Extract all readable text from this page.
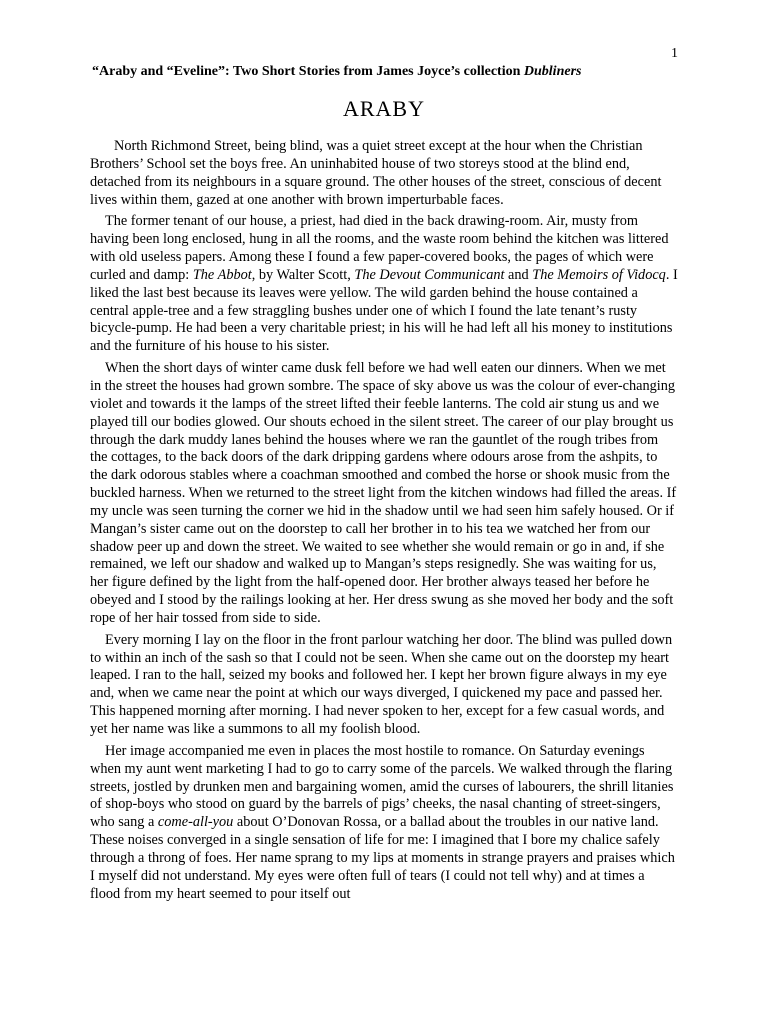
1
“Araby and “Eveline”: Two Short Stories from James Joyce’s collection Dubliners
ARABY

North Richmond Street, being blind, was a quiet street except at the hour when the Christian Brothers’ School set the boys free. An uninhabited house of two storeys stood at the blind end, detached from its neighbours in a square ground. The other houses of the street, conscious of decent lives within them, gazed at one another with brown imperturbable faces.

The former tenant of our house, a priest, had died in the back drawing-room. Air, musty from having been long enclosed, hung in all the rooms, and the waste room behind the kitchen was littered with old useless papers. Among these I found a few paper-covered books, the pages of which were curled and damp: The Abbot, by Walter Scott, The Devout Communicant and The Memoirs of Vidocq. I liked the last best because its leaves were yellow. The wild garden behind the house contained a central apple-tree and a few straggling bushes under one of which I found the late tenant’s rusty bicycle-pump. He had been a very charitable priest; in his will he had left all his money to institutions and the furniture of his house to his sister.

When the short days of winter came dusk fell before we had well eaten our dinners. When we met in the street the houses had grown sombre. The space of sky above us was the colour of ever-changing violet and towards it the lamps of the street lifted their feeble lanterns. The cold air stung us and we played till our bodies glowed. Our shouts echoed in the silent street. The career of our play brought us through the dark muddy lanes behind the houses where we ran the gauntlet of the rough tribes from the cottages, to the back doors of the dark dripping gardens where odours arose from the ashpits, to the dark odorous stables where a coachman smoothed and combed the horse or shook music from the buckled harness. When we returned to the street light from the kitchen windows had filled the areas. If my uncle was seen turning the corner we hid in the shadow until we had seen him safely housed. Or if Mangan’s sister came out on the doorstep to call her brother in to his tea we watched her from our shadow peer up and down the street. We waited to see whether she would remain or go in and, if she remained, we left our shadow and walked up to Mangan’s steps resignedly. She was waiting for us, her figure defined by the light from the half-opened door. Her brother always teased her before he obeyed and I stood by the railings looking at her. Her dress swung as she moved her body and the soft rope of her hair tossed from side to side.

Every morning I lay on the floor in the front parlour watching her door. The blind was pulled down to within an inch of the sash so that I could not be seen. When she came out on the doorstep my heart leaped. I ran to the hall, seized my books and followed her. I kept her brown figure always in my eye and, when we came near the point at which our ways diverged, I quickened my pace and passed her. This happened morning after morning. I had never spoken to her, except for a few casual words, and yet her name was like a summons to all my foolish blood.

Her image accompanied me even in places the most hostile to romance. On Saturday evenings when my aunt went marketing I had to go to carry some of the parcels. We walked through the flaring streets, jostled by drunken men and bargaining women, amid the curses of labourers, the shrill litanies of shop-boys who stood on guard by the barrels of pigs’ cheeks, the nasal chanting of street-singers, who sang a come-all-you about O’Donovan Rossa, or a ballad about the troubles in our native land. These noises converged in a single sensation of life for me: I imagined that I bore my chalice safely through a throng of foes. Her name sprang to my lips at moments in strange prayers and praises which I myself did not understand. My eyes were often full of tears (I could not tell why) and at times a flood from my heart seemed to pour itself out
